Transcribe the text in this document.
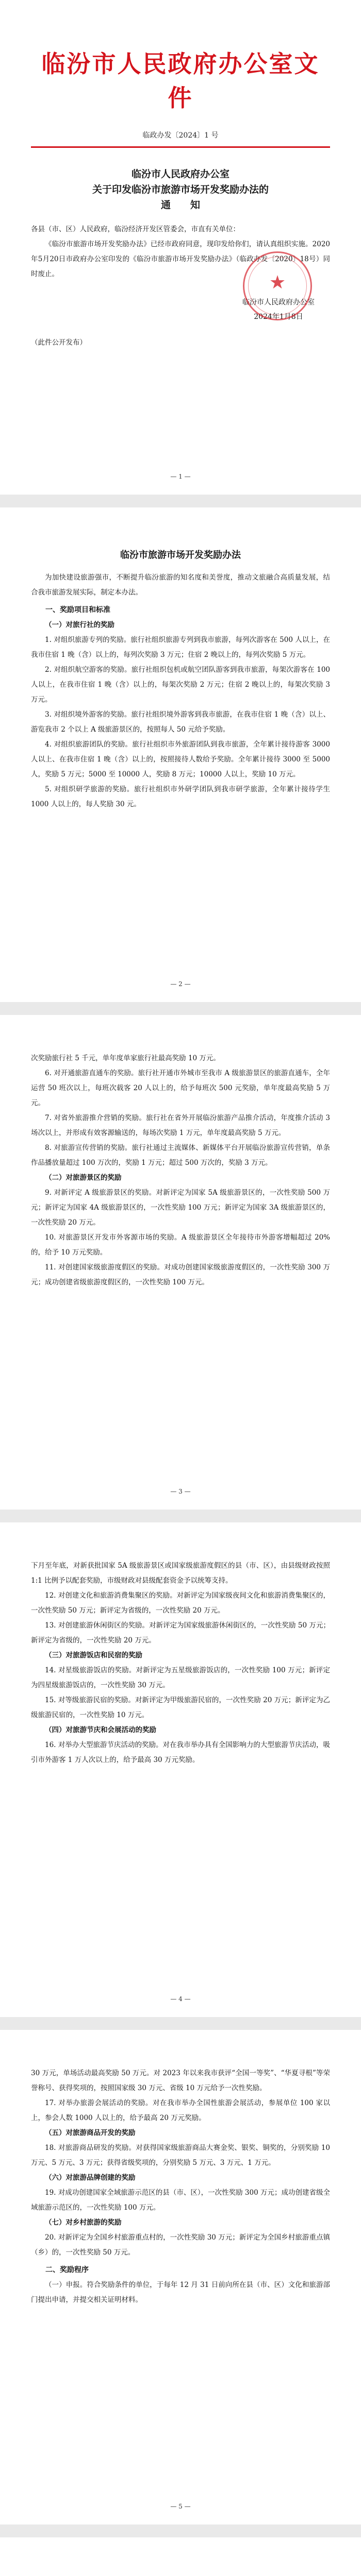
临汾市人民政府办公室文件
临政办发〔2024〕1 号
临汾市人民政府办公室
关于印发临汾市旅游市场开发奖励办法的
通　　知

各县（市、区）人民政府，临汾经济开发区管委会，市直有关单位：

《临汾市旅游市场开发奖励办法》已经市政府同意，现印发给你们，请认真组织实施。2020年5月20日市政府办公室印发的《临汾市旅游市场开发奖励办法》（临政办发〔2020〕18号）同时废止。

临汾市人民政府办公室
2024年1月8日
（此件公开发布）
★
— 1 —
临汾市旅游市场开发奖励办法

为加快建设旅游强市，不断提升临汾旅游的知名度和美誉度，推动文旅融合高质量发展，结合我市旅游发展实际，制定本办法。

一、奖励项目和标准

（一）对旅行社的奖励

1. 对组织旅游专列的奖励。旅行社组织旅游专列到我市旅游，每列次游客在 500 人以上，在我市住宿 1 晚（含）以上的，每列次奖励 3 万元；住宿 2 晚以上的，每列次奖励 5 万元。

2. 对组织航空游客的奖励。旅行社组织包机或航空团队游客到我市旅游，每架次游客在 100 人以上，在我市住宿 1 晚（含）以上的，每架次奖励 2 万元；住宿 2 晚以上的，每架次奖励 3 万元。

3. 对组织境外游客的奖励。旅行社组织境外游客到我市旅游，在我市住宿 1 晚（含）以上、游览我市 2 个以上 A 级旅游景区的，按照每人 50 元给予奖励。

4. 对组织旅游团队的奖励。旅行社组织市外旅游团队到我市旅游，全年累计接待游客 3000 人以上、在我市住宿 1 晚（含）以上的，按照接待人数给予奖励。全年累计接待 3000 至 5000 人，奖励 5 万元；5000 至 10000 人，奖励 8 万元；10000 人以上，奖励 10 万元。

5. 对组织研学旅游的奖励。旅行社组织市外研学团队到我市研学旅游，全年累计接待学生 1000 人以上的，每人奖励 30 元。

— 2 —

次奖励旅行社 5 千元，单年度单家旅行社最高奖励 10 万元。

6. 对开通旅游直通车的奖励。旅行社开通市外城市至我市 A 级旅游景区的旅游直通车，全年运营 50 班次以上，每班次载客 20 人以上的，给予每班次 500 元奖励，单年度最高奖励 5 万元。

7. 对省外旅游推介营销的奖励。旅行社在省外开展临汾旅游产品推介活动，年度推介活动 3 场次以上，并形成有效客源输送的，每场次奖励 1 万元，单年度最高奖励 5 万元。

8. 对旅游宣传营销的奖励。旅行社通过主流媒体、新媒体平台开展临汾旅游宣传营销，单条作品播放量超过 100 万次的，奖励 1 万元；超过 500 万次的，奖励 3 万元。

（二）对旅游景区的奖励

9. 对新评定 A 级旅游景区的奖励。对新评定为国家 5A 级旅游景区的，一次性奖励 500 万元；新评定为国家 4A 级旅游景区的，一次性奖励 100 万元；新评定为国家 3A 级旅游景区的，一次性奖励 20 万元。

10. 对旅游景区开发市外客源市场的奖励。A 级旅游景区全年接待市外游客增幅超过 20% 的，给予 10 万元奖励。

11. 对创建国家级旅游度假区的奖励。对成功创建国家级旅游度假区的，一次性奖励 300 万元；成功创建省级旅游度假区的，一次性奖励 100 万元。

— 3 —

下月至年底，对新获批国家 5A 级旅游景区或国家级旅游度假区的县（市、区），由县级财政按照 1:1 比例予以配套奖励，市级财政对县级配套资金予以统筹支持。

12. 对创建文化和旅游消费集聚区的奖励。对新评定为国家级夜间文化和旅游消费集聚区的，一次性奖励 50 万元；新评定为省级的，一次性奖励 20 万元。

13. 对创建旅游休闲街区的奖励。对新评定为国家级旅游休闲街区的，一次性奖励 50 万元；新评定为省级的，一次性奖励 20 万元。

（三）对旅游饭店和民宿的奖励

14. 对星级旅游饭店的奖励。对新评定为五星级旅游饭店的，一次性奖励 100 万元；新评定为四星级旅游饭店的，一次性奖励 30 万元。

15. 对等级旅游民宿的奖励。对新评定为甲级旅游民宿的，一次性奖励 20 万元；新评定为乙级旅游民宿的，一次性奖励 10 万元。

（四）对旅游节庆和会展活动的奖励

16. 对举办大型旅游节庆活动的奖励。对在我市举办具有全国影响力的大型旅游节庆活动，吸引市外游客 1 万人次以上的，给予最高 30 万元奖励。

— 4 —

30 万元，单场活动最高奖励 50 万元。对 2023 年以来我市获评“全国一等奖”、“华夏寻根”等荣誉称号、获得奖项的，按照国家级 30 万元、省级 10 万元给予一次性奖励。

17. 对举办旅游会展活动的奖励。对在我市举办全国性旅游会展活动，参展单位 100 家以上，参会人数 1000 人以上的，给予最高 20 万元奖励。

（五）对旅游商品开发的奖励

18. 对旅游商品研发的奖励。对获得国家级旅游商品大赛金奖、银奖、铜奖的，分别奖励 10 万元、5 万元、3 万元；获得省级奖项的，分别奖励 5 万元、3 万元、1 万元。

（六）对旅游品牌创建的奖励

19. 对成功创建国家全域旅游示范区的县（市、区），一次性奖励 300 万元；成功创建省级全域旅游示范区的，一次性奖励 100 万元。

（七）对乡村旅游的奖励

20. 对新评定为全国乡村旅游重点村的，一次性奖励 30 万元；新评定为全国乡村旅游重点镇（乡）的，一次性奖励 50 万元。

二、奖励程序

（一）申报。符合奖励条件的单位，于每年 12 月 31 日前向所在县（市、区）文化和旅游部门提出申请，并提交相关证明材料。

— 5 —
